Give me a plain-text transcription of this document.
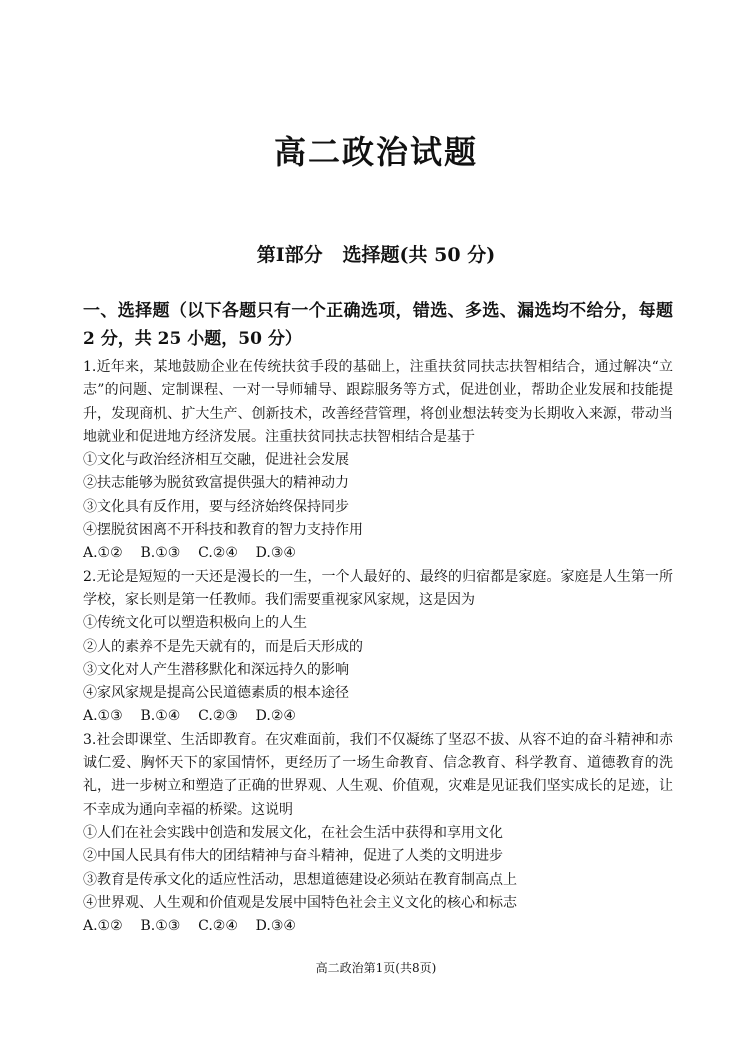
高二政治试题
第Ⅰ部分   选择题(共 50 分)
一、选择题（以下各题只有一个正确选项，错选、多选、漏选均不给分，每题 2 分，共 25 小题，50 分）

1.近年来，某地鼓励企业在传统扶贫手段的基础上，注重扶贫同扶志扶智相结合，通过解决“立志”的问题、定制课程、一对一导师辅导、跟踪服务等方式，促进创业，帮助企业发展和技能提升，发现商机、扩大生产、创新技术，改善经营管理，将创业想法转变为长期收入来源，带动当地就业和促进地方经济发展。注重扶贫同扶志扶智相结合是基于

①文化与政治经济相互交融，促进社会发展

②扶志能够为脱贫致富提供强大的精神动力

③文化具有反作用，要与经济始终保持同步

④摆脱贫困离不开科技和教育的智力支持作用

A.①②    B.①③    C.②④    D.③④

2.无论是短短的一天还是漫长的一生，一个人最好的、最终的归宿都是家庭。家庭是人生第一所学校，家长则是第一任教师。我们需要重视家风家规，这是因为

①传统文化可以塑造积极向上的人生

②人的素养不是先天就有的，而是后天形成的

③文化对人产生潜移默化和深远持久的影响

④家风家规是提高公民道德素质的根本途径

A.①③    B.①④    C.②③    D.②④

3.社会即课堂、生活即教育。在灾难面前，我们不仅凝练了坚忍不拔、从容不迫的奋斗精神和赤诚仁爱、胸怀天下的家国情怀，更经历了一场生命教育、信念教育、科学教育、道德教育的洗礼，进一步树立和塑造了正确的世界观、人生观、价值观，灾难是见证我们坚实成长的足迹，让不幸成为通向幸福的桥梁。这说明

①人们在社会实践中创造和发展文化，在社会生活中获得和享用文化

②中国人民具有伟大的团结精神与奋斗精神，促进了人类的文明进步

③教育是传承文化的适应性活动，思想道德建设必须站在教育制高点上

④世界观、人生观和价值观是发展中国特色社会主义文化的核心和标志

A.①②    B.①③    C.②④    D.③④

高二政治第1页(共8页)
